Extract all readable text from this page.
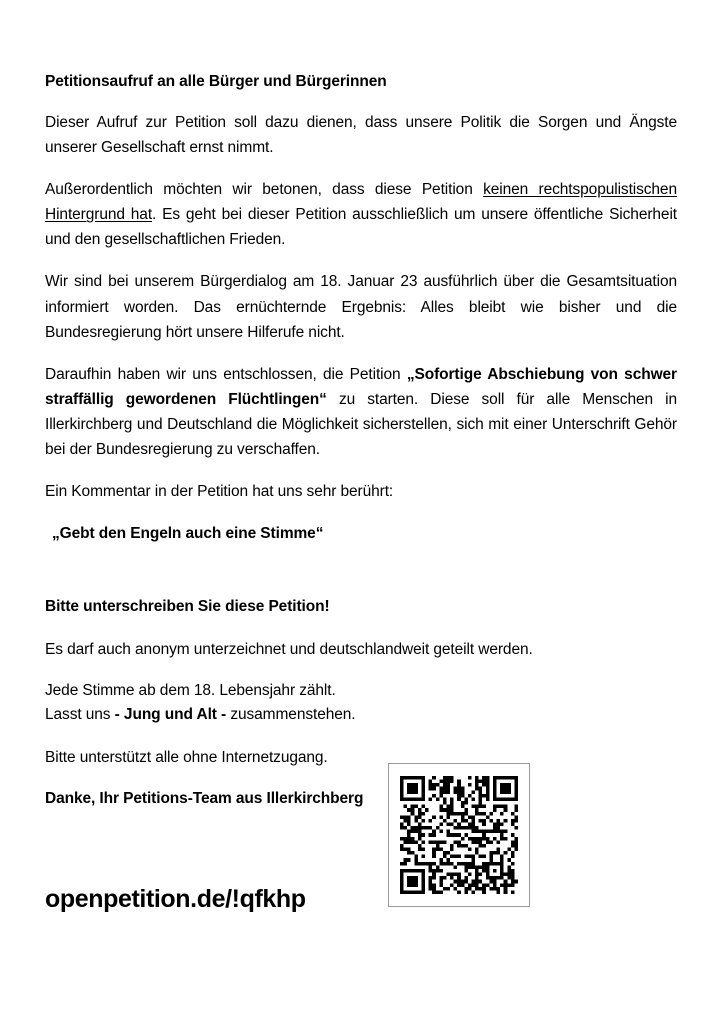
Petitionsaufruf an alle Bürger und Bürgerinnen

Dieser Aufruf zur Petition soll dazu dienen, dass unsere Politik die Sorgen und Ängste unserer Gesellschaft ernst nimmt.

Außerordentlich möchten wir betonen, dass diese Petition keinen rechtspopulistischen Hintergrund hat. Es geht bei dieser Petition ausschließlich um unsere öffentliche Sicherheit und den gesellschaftlichen Frieden.

Wir sind bei unserem Bürgerdialog am 18. Januar 23 ausführlich über die Gesamtsituation informiert worden. Das ernüchternde Ergebnis: Alles bleibt wie bisher und die Bundesregierung hört unsere Hilferufe nicht.

Daraufhin haben wir uns entschlossen, die Petition „Sofortige Abschiebung von schwer straffällig gewordenen Flüchtlingen“ zu starten. Diese soll für alle Menschen in Illerkirchberg und Deutschland die Möglichkeit sicherstellen, sich mit einer Unterschrift Gehör bei der Bundesregierung zu verschaffen.

Ein Kommentar in der Petition hat uns sehr berührt:

„Gebt den Engeln auch eine Stimme“

Bitte unterschreiben Sie diese Petition!

Es darf auch anonym unterzeichnet und deutschlandweit geteilt werden.

Jede Stimme ab dem 18. Lebensjahr zählt.

Lasst uns - Jung und Alt - zusammenstehen.

Bitte unterstützt alle ohne Internetzugang.

Danke, Ihr Petitions-Team aus Illerkirchberg

openpetition.de/!qfkhp
